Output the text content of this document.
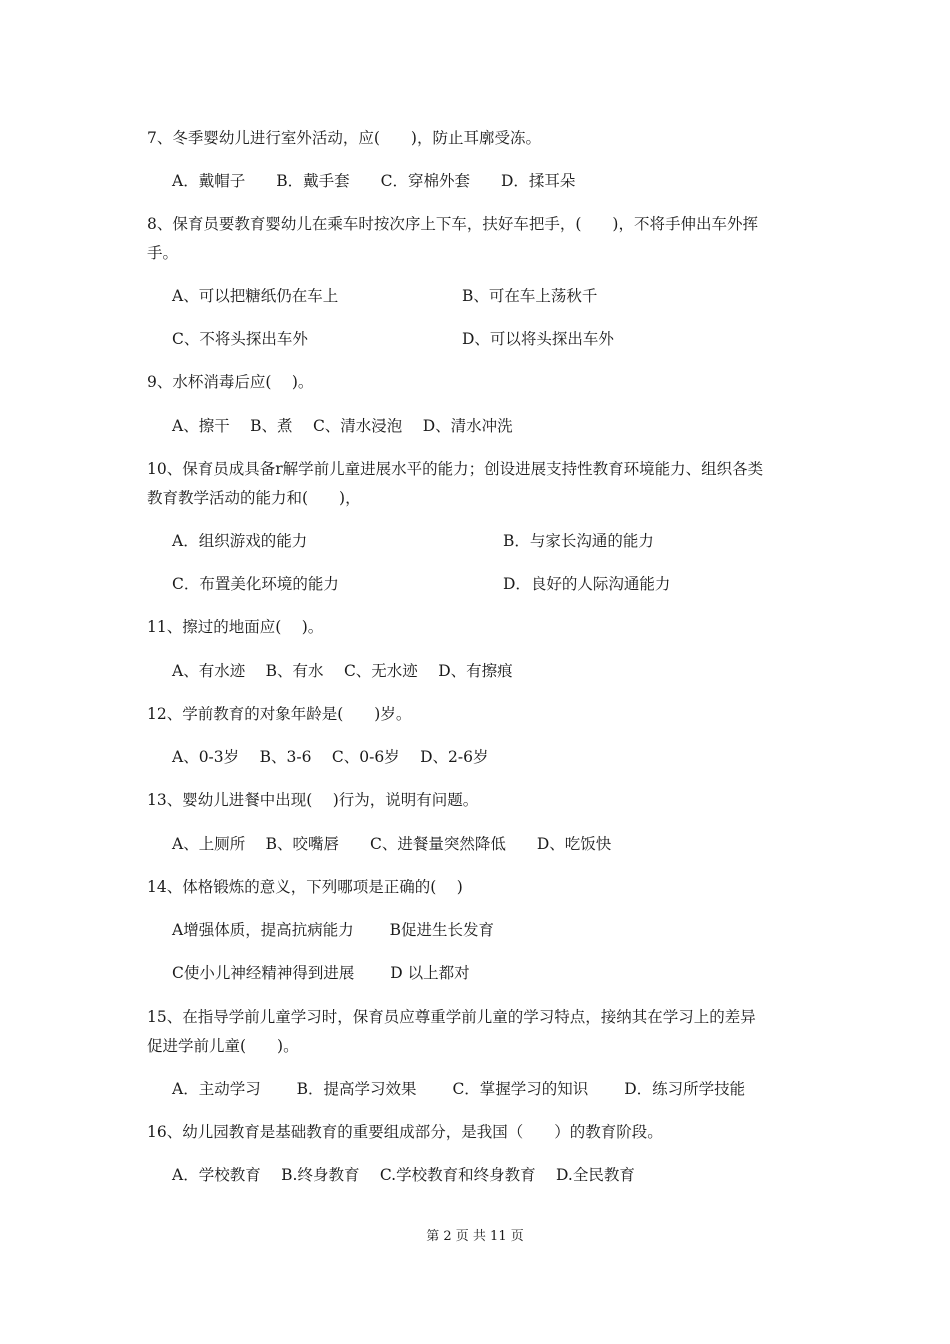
7、冬季婴幼儿进行室外活动，应(　　)，防止耳廓受冻。
A．戴帽子　　B．戴手套　　C．穿棉外套　　D．揉耳朵
8、保育员要教育婴幼儿在乘车时按次序上下车，扶好车把手，(　　)，不将手伸出车外挥
手。
A、可以把糖纸仍在车上	B、可在车上荡秋千
C、不将头探出车外	D、可以将头探出车外
9、水杯消毒后应(　 )。
A、擦干　 B、煮　 C、清水浸泡　 D、清水冲洗
10、保育员成具备r解学前儿童进展水平的能力；创设进展支持性教育环境能力、组织各类
教育教学活动的能力和(　　)，
A．组织游戏的能力	B．与家长沟通的能力
C．布置美化环境的能力	D．良好的人际沟通能力
11、擦过的地面应(　 )。
A、有水迹　 B、有水　 C、无水迹　 D、有擦痕
12、学前教育的对象年龄是(　　)岁。
A、0-3岁　 B、3-6　 C、0-6岁　 D、2-6岁
13、婴幼儿进餐中出现(　 )行为，说明有问题。
A、上厕所　 B、咬嘴唇　　C、进餐量突然降低　　D、吃饭快
14、体格锻炼的意义，下列哪项是正确的(　 )
A增强体质，提高抗病能力　　 B促进生长发育
C使小儿神经精神得到进展　　 D 以上都对
15、在指导学前儿童学习时，保育员应尊重学前儿童的学习特点，接纳其在学习上的差异
促进学前儿童(　　)。
A．主动学习　　 B．提高学习效果　　 C．掌握学习的知识　　 D．练习所学技能
16、幼儿园教育是基础教育的重要组成部分，是我国（　　）的教育阶段。
A．学校教育　 B.终身教育　 C.学校教育和终身教育　 D.全民教育
第 2 页 共 11 页
